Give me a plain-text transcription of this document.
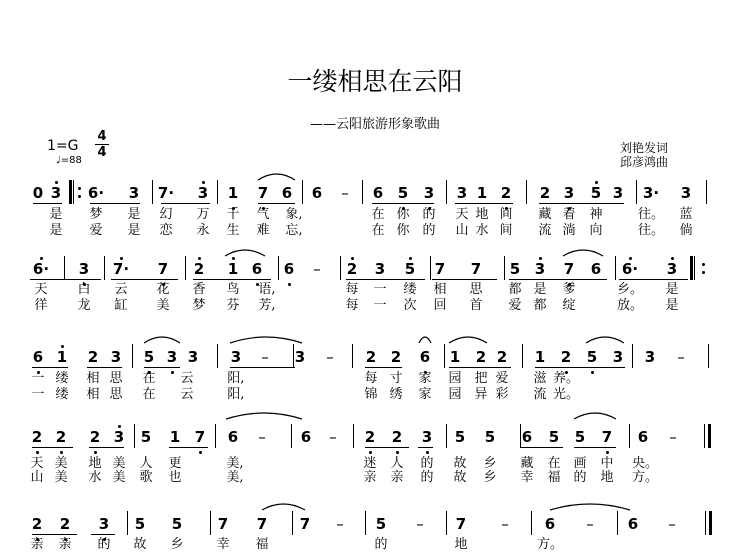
一缕相思在云阳
——云阳旅游形象歌曲
1=G
4
4
♩=88
刘艳发词
邱彦鸿曲
0 3 6· 3 7· 3 1 7 6 6 – 6 5 3 3 1 2 2 3 5 3 3· 3
是 梦 是 幻 万 千 气 象,	在 你 的 天 地 间 藏 着 神	往。 蓝
是 爱 是 恋 永 生 难 忘,	在 你 的 山 水 间 流 淌 向	往。 倘
6· 3 7· 7 2 1 6 6 – 2 3 5 7 7 5 3 7 6 6· 3
天 白 云 花 香 鸟 语,	每 一 缕 相 思 都 是 爹	乡。 是
徉 龙 缸 美 梦 芬 芳,	每 一 次 回 首 爱 都 绽	放。 是
6 1 2 3 5 3 3 3 – 3 – 2 2 6 1 2 2 1 2 5 3 3 –
一 缕 相 思 在 云	阳,	每 寸 家 园 把 爱 滋 养。
一 缕 相 思 在 云	阳,	锦 绣 家 园 异 彩 流 光。
2 2 2 3 5 1 7 6 – 6 – 2 2 3 5 5 6 5 5 7 6 –
天 美 地 美 人 更	美,	迷 人 的 故 乡 藏 在 画 中 央。
山 美 水 美 歌 也	美,	亲 亲 的 故 乡 幸 福 的 地 方。
2 2 3 5 5 7 7 7 – 5 – 7 – 6 – 6 –
亲 亲 的 故 乡	幸 福	的	地	方。
